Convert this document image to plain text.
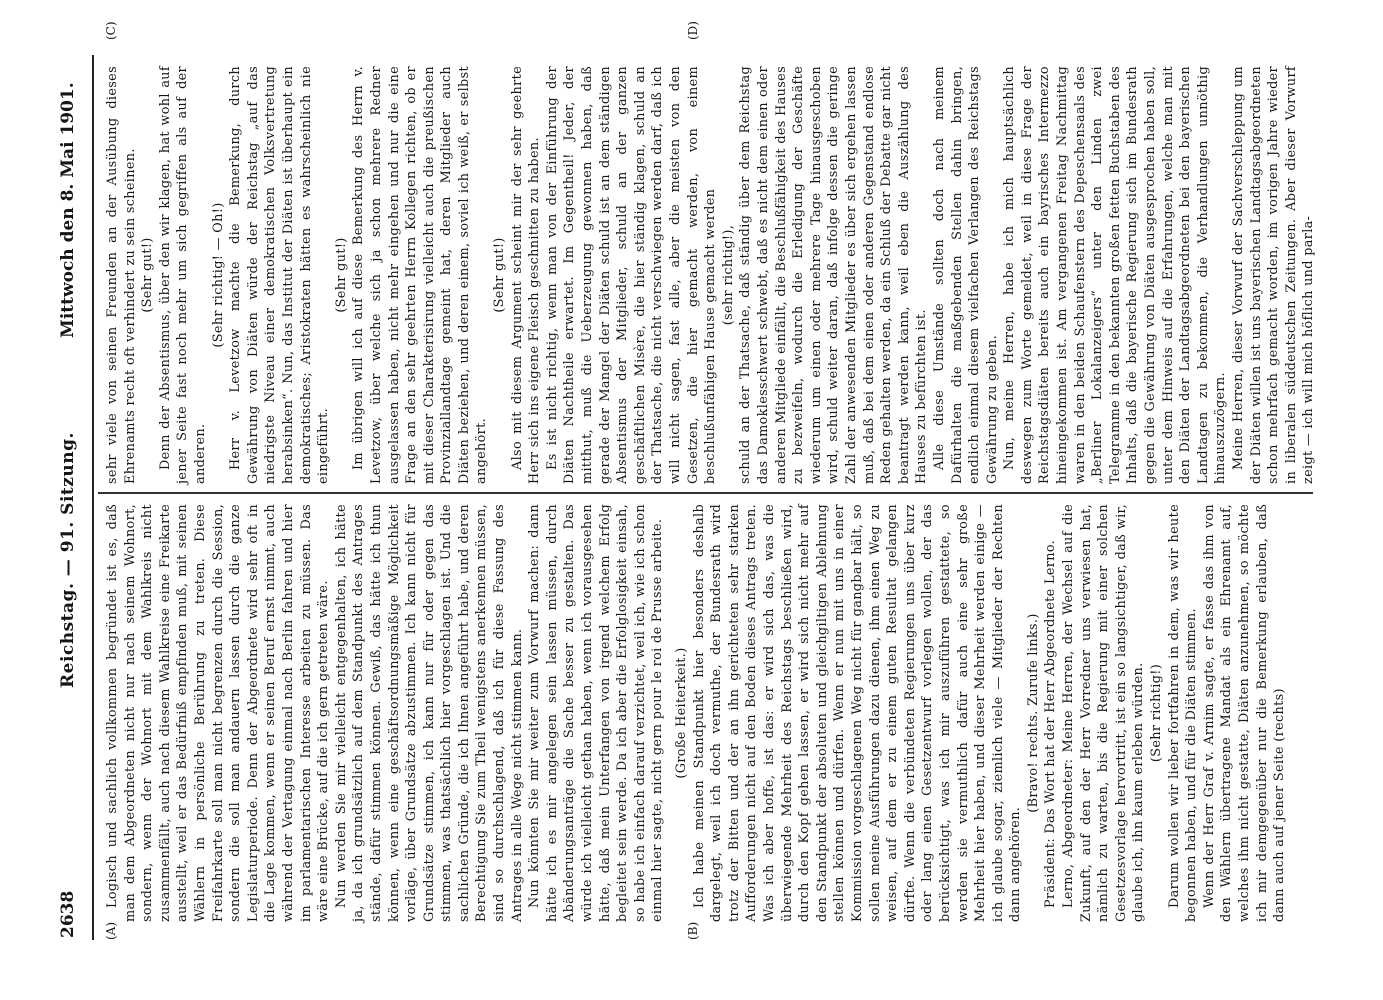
2638
Reichstag. — 91. Sitzung.
Mittwoch den 8. Mai 1901.
(A)	(B)
(C)	(D)

Logisch und sachlich vollkommen begründet ist es, daß man dem Abgeordneten nicht nur nach seinem Wohnort, sondern, wenn der Wohnort mit dem Wahlkreis nicht zusammenfällt, auch nach diesem Wahlkreise eine Freikarte ausstellt, weil er das Bedürfniß empfinden muß, mit seinen Wählern in persönliche Berührung zu treten. Diese Freifahrkarte soll man nicht begrenzen durch die Session, sondern die soll man andauern lassen durch die ganze Legislaturperiode. Denn der Abgeordnete wird sehr oft in die Lage kommen, wenn er seinen Beruf ernst nimmt, auch während der Vertagung einmal nach Berlin fahren und hier im parlamentarischen Interesse arbeiten zu müssen. Das wäre eine Brücke, auf die ich gern getreten wäre. Nun werden Sie mir vielleicht entgegenhalten, ich hätte ja, da ich grundsätzlich auf dem Standpunkt des Antrages stände, dafür stimmen können. Gewiß, das hätte ich thun können, wenn eine geschäftsordnungsmäßige Möglichkeit vorläge, über Grundsätze abzustimmen. Ich kann nicht für Grundsätze stimmen, ich kann nur für oder gegen das stimmen, was thatsächlich hier vorgeschlagen ist. Und die sachlichen Gründe, die ich Ihnen angeführt habe, und deren Berechtigung Sie zum Theil wenigstens anerkennen müssen, sind so durchschlagend, daß ich für diese Fassung des Antrages in alle Wege nicht stimmen kann. Nun könnten Sie mir weiter zum Vorwurf machen: dann hätte ich es mir angelegen sein lassen müssen, durch Abänderungsanträge die Sache besser zu gestalten. Das würde ich vielleicht gethan haben, wenn ich vorausgesehen hätte, daß mein Unterfangen von irgend welchem Erfolg begleitet sein werde. Da ich aber die Erfolglosigkeit einsah, so habe ich einfach darauf verzichtet, weil ich, wie ich schon einmal hier sagte, nicht gern pour le roi de Prusse arbeite. (Große Heiterkeit.) Ich habe meinen Standpunkt hier besonders deshalb dargelegt, weil ich doch vermuthe, der Bundesrath wird trotz der Bitten und der an ihn gerichteten sehr starken Aufforderungen nicht auf den Boden dieses Antrags treten. Was ich aber hoffe, ist das: er wird sich das, was die überwiegende Mehrheit des Reichstags beschließen wird, durch den Kopf gehen lassen, er wird sich nicht mehr auf den Standpunkt der absoluten und gleichgiltigen Ablehnung stellen können und dürfen. Wenn er nun mit uns in einer Kommission vorgeschlagenen Weg nicht für gangbar hält, so sollen meine Ausführungen dazu dienen, ihm einen Weg zu weisen, auf dem er zu einem guten Resultat gelangen dürfte. Wenn die verbündeten Regierungen uns über kurz oder lang einen Gesetzentwurf vorlegen wollen, der das berücksichtigt, was ich mir auszuführen gestattete, so werden sie vermuthlich dafür auch eine sehr große Mehrheit hier haben, und dieser Mehrheit werden einige — ich glaube sogar, ziemlich viele — Mitglieder der Rechten dann angehören.

(Bravo! rechts. Zurufe links.) Präsident: Das Wort hat der Herr Abgeordnete Lerno. Lerno, Abgeordneter: Meine Herren, der Wechsel auf die Zukunft, auf den der Herr Vorredner uns verwiesen hat, nämlich zu warten, bis die Regierung mit einer solchen Gesetzesvorlage hervortritt, ist ein so langsichtiger, daß wir, glaube ich, ihn kaum erleben würden. (Sehr richtig!) Darum wollen wir lieber fortfahren in dem, was wir heute begonnen haben, und für die Diäten stimmen. Wenn der Herr Graf v. Arnim sagte, er fasse das ihm von den Wählern übertragene Mandat als ein Ehrenamt auf, welches ihm nicht gestatte, Diäten anzunehmen, so möchte ich mir demgegenüber nur die Bemerkung erlauben, daß dann auch auf jener Seite (rechts)

sehr viele von seinen Freunden an der Ausübung dieses Ehrenamts recht oft verhindert zu sein scheinen. (Sehr gut!) Denn der Absentismus, über den wir klagen, hat wohl auf jener Seite fast noch mehr um sich gegriffen als auf der anderen.

(Sehr richtig! — Oh!) Herr v. Levetzow machte die Bemerkung, durch Gewährung von Diäten würde der Reichstag „auf das niedrigste Niveau einer demokratischen Volksvertretung herabsinken“. Nun, das Institut der Diäten ist überhaupt ein demokratisches; Aristokraten hätten es wahrscheinlich nie eingeführt.

(Sehr gut!) Im übrigen will ich auf diese Bemerkung des Herrn v. Levetzow, über welche sich ja schon mehrere Redner ausgelassen haben, nicht mehr eingehen und nur die eine Frage an den sehr geehrten Herrn Kollegen richten, ob er mit dieser Charakterisirung vielleicht auch die preußischen Provinziallandtage gemeint hat, deren Mitglieder auch Diäten beziehen, und deren einem, soviel ich weiß, er selbst angehört.

(Sehr gut!) Also mit diesem Argument scheint mir der sehr geehrte Herr sich ins eigene Fleisch geschnitten zu haben. Es ist nicht richtig, wenn man von der Einführung der Diäten Nachtheile erwartet. Im Gegentheil! Jeder, der mitthut, muß die Ueberzeugung gewonnen haben, daß gerade der Mangel der Diäten schuld ist an dem ständigen Absentismus der Mitglieder, schuld an der ganzen geschäftlichen Misère, die hier ständig klagen, schuld an der Thatsache, die nicht verschwiegen werden darf, daß ich will nicht sagen, fast alle, aber die meisten von den Gesetzen, die hier gemacht werden, von einem beschlußunfähigen Hause gemacht werden (sehr richtig!), schuld an der Thatsache, daß ständig über dem Reichstag das Damoklesschwert schwebt, daß es nicht dem einen oder anderen Mitgliede einfällt, die Beschlußfähigkeit des Hauses zu bezweifeln, wodurch die Erledigung der Geschäfte wiederum um einen oder mehrere Tage hinausgeschoben wird, schuld weiter daran, daß infolge dessen die geringe Zahl der anwesenden Mitglieder es über sich ergehen lassen muß, daß bei dem einen oder anderen Gegenstand endlose Reden gehalten werden, da ein Schluß der Debatte gar nicht beantragt werden kann, weil eben die Auszählung des Hauses zu befürchten ist. Alle diese Umstände sollten doch nach meinem Dafürhalten die maßgebenden Stellen dahin bringen, endlich einmal diesem vielfachen Verlangen des Reichstags Gewährung zu geben. Nun, meine Herren, habe ich mich hauptsächlich deswegen zum Worte gemeldet, weil in diese Frage der Reichstagsdiäten bereits auch ein bayrisches Intermezzo hineingekommen ist. Am vergangenen Freitag Nachmittag waren in den beiden Schaufenstern des Depeschensaals des „Berliner Lokalanzeigers“ unter den Linden zwei Telegramme in den bekannten großen fetten Buchstaben des Inhalts, daß die bayerische Regierung sich im Bundesrath gegen die Gewährung von Diäten ausgesprochen haben soll, unter dem Hinweis auf die Erfahrungen, welche man mit den Diäten der Landtagsabgeordneten bei den bayerischen Landtagen zu bekommen, die Verhandlungen unnöthig hinauszuzögern. Meine Herren, dieser Vorwurf der Sachverschleppung um der Diäten willen ist uns bayerischen Landtagsabgeordneten schon mehrfach gemacht worden, im vorigen Jahre wieder in liberalen süddeutschen Zeitungen. Aber dieser Vorwurf zeigt — ich will mich höflich und parla-
